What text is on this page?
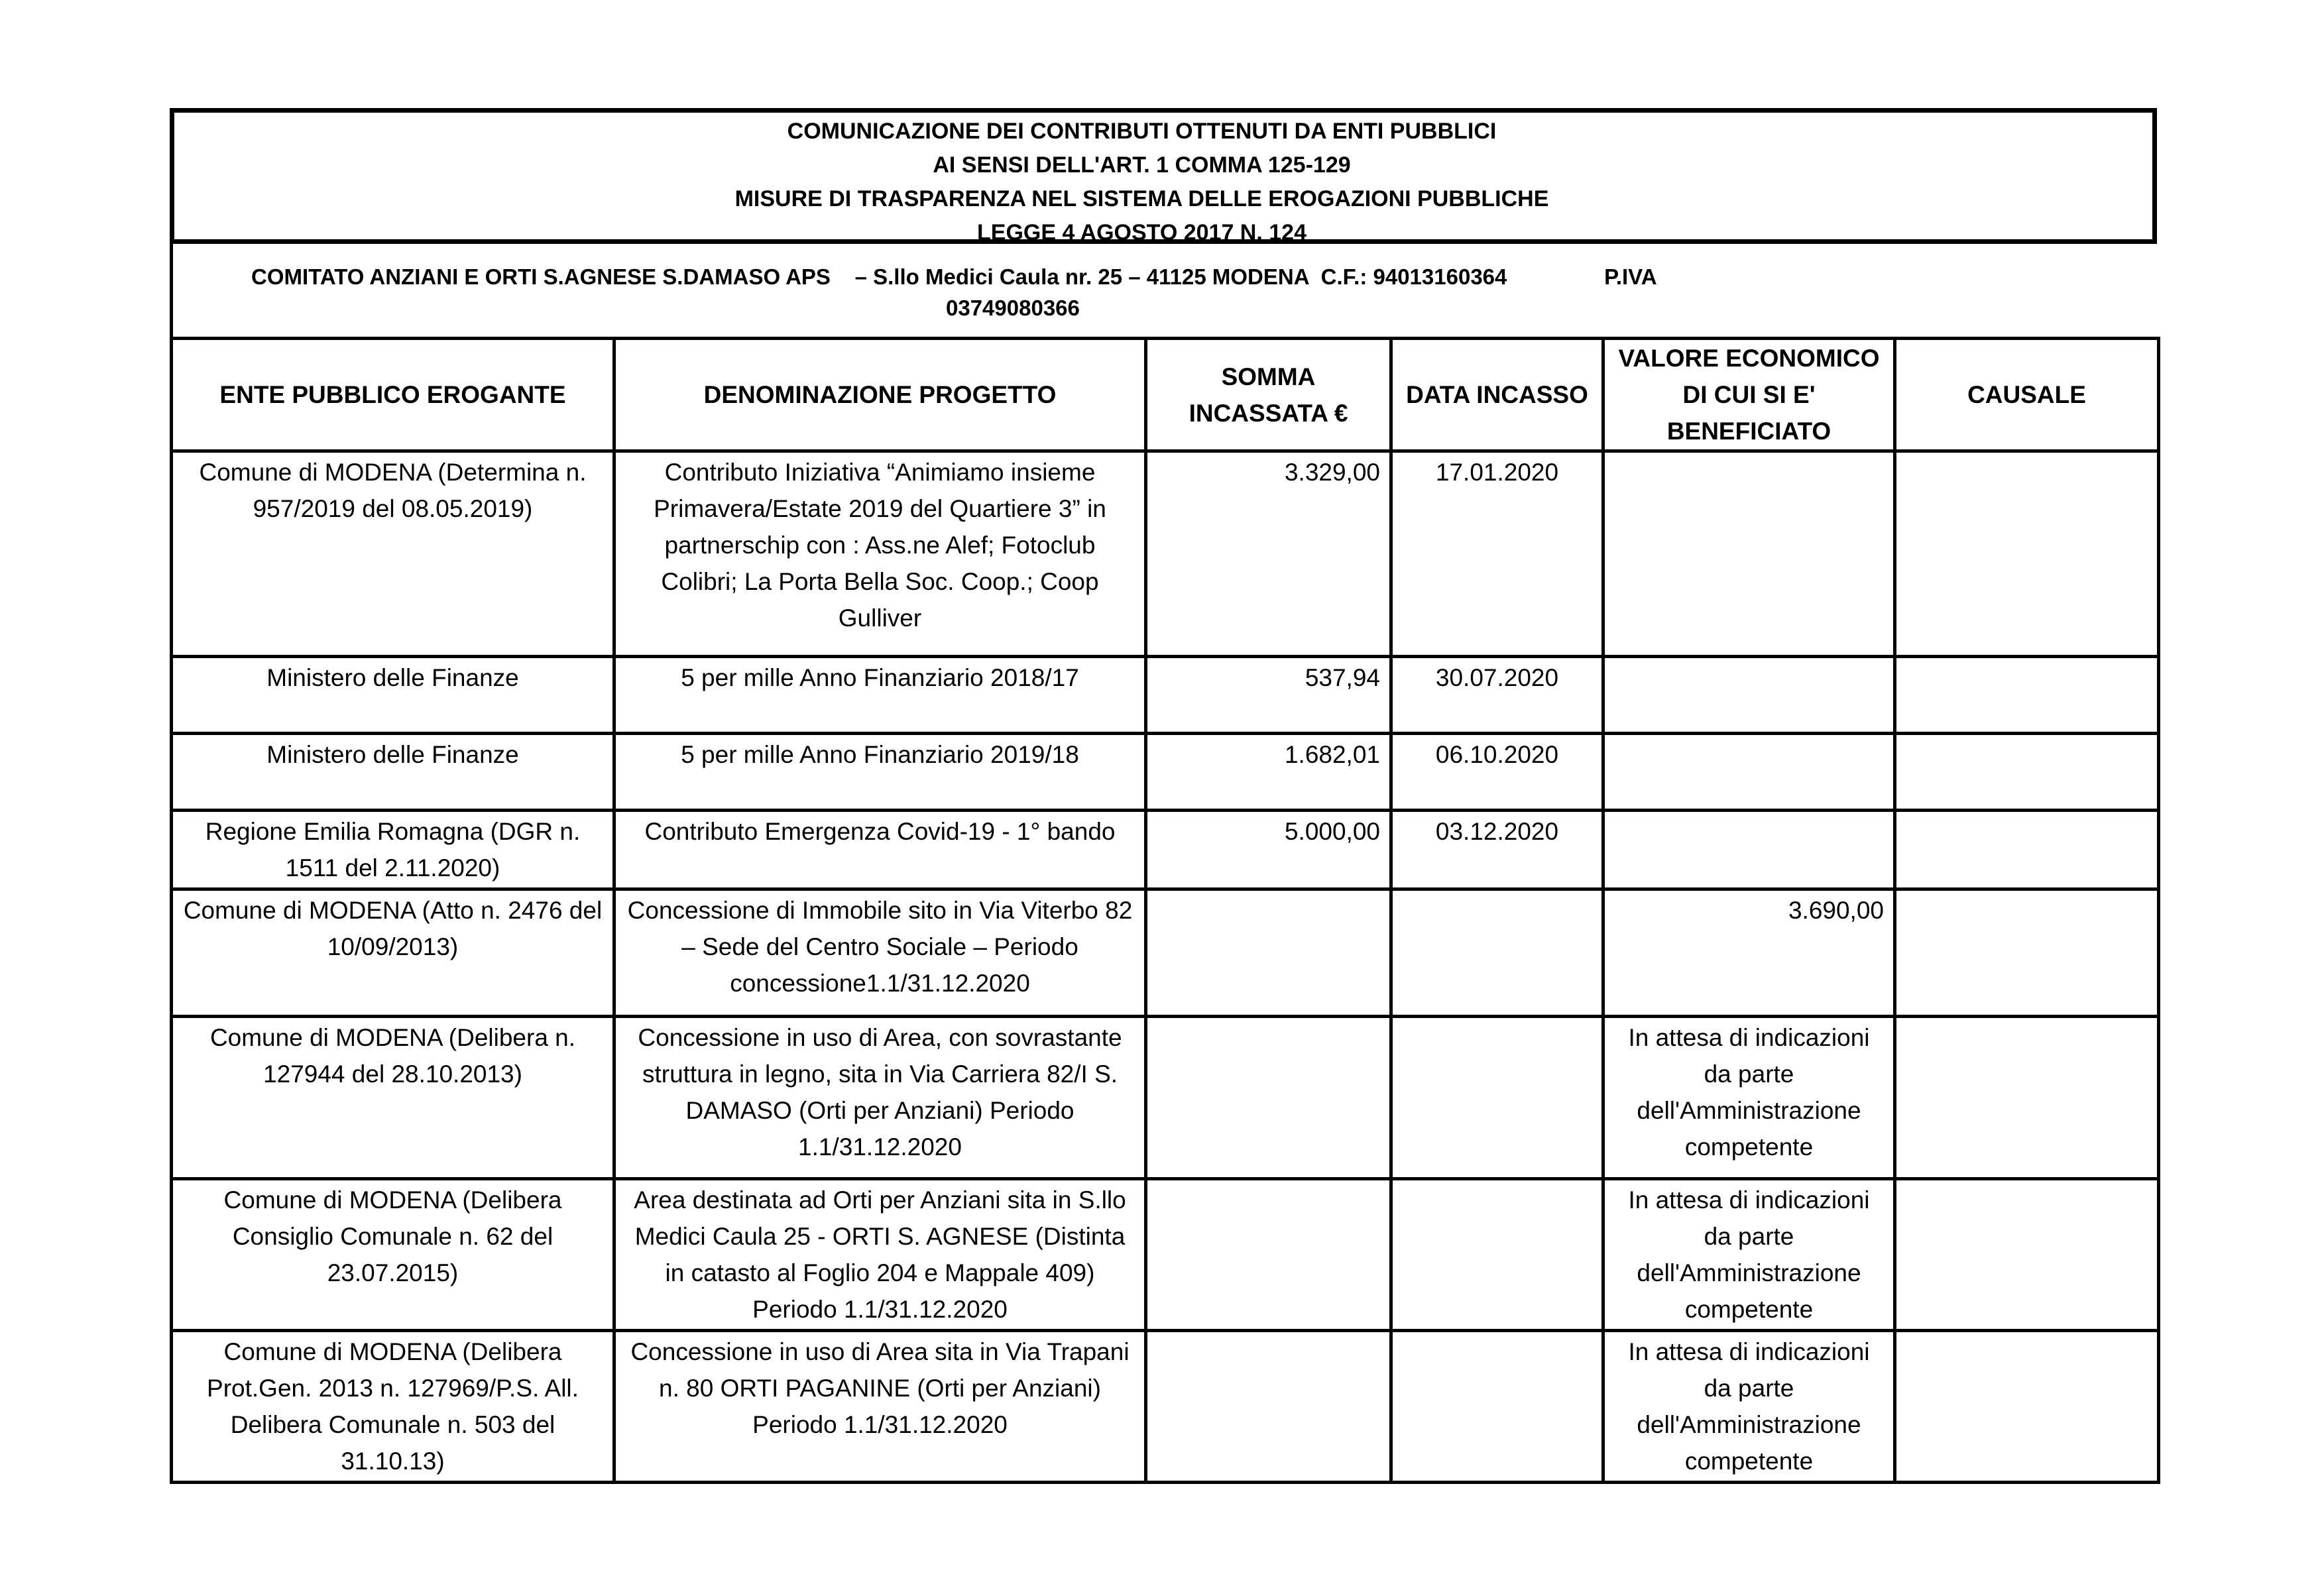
COMUNICAZIONE DEI CONTRIBUTI OTTENUTI DA ENTI PUBBLICI
AI SENSI DELL'ART. 1 COMMA 125-129
MISURE DI TRASPARENZA NEL SISTEMA DELLE EROGAZIONI PUBBLICHE
LEGGE 4 AGOSTO 2017 N. 124
COMITATO ANZIANI E ORTI S.AGNESE S.DAMASO APS    – S.llo Medici Caula nr. 25 – 41125 MODENA  C.F.: 94013160364                P.IVA
03749080366
ENTE PUBBLICO EROGANTE	DENOMINAZIONE PROGETTO	SOMMA INCASSATA €	DATA INCASSO	VALORE ECONOMICO DI CUI SI E' BENEFICIATO	CAUSALE
Comune di MODENA (Determina n. 957/2019 del 08.05.2019)	Contributo Iniziativa “Animiamo insieme Primavera/Estate 2019 del Quartiere 3” in partnerschip con : Ass.ne Alef; Fotoclub Colibri; La Porta Bella Soc. Coop.; Coop Gulliver	3.329,00	17.01.2020		
Ministero delle Finanze	5 per mille Anno Finanziario 2018/17	537,94	30.07.2020		
Ministero delle Finanze	5 per mille Anno Finanziario 2019/18	1.682,01	06.10.2020		
Regione Emilia Romagna (DGR n. 1511 del 2.11.2020)	Contributo Emergenza Covid-19 - 1° bando	5.000,00	03.12.2020		
Comune di MODENA (Atto n. 2476 del 10/09/2013)	Concessione di Immobile sito in Via Viterbo 82 – Sede del Centro Sociale – Periodo concessione1.1/31.12.2020			3.690,00	
Comune di MODENA (Delibera n. 127944 del 28.10.2013)	Concessione in uso di Area, con sovrastante struttura in legno, sita in Via Carriera 82/I S. DAMASO (Orti per Anziani) Periodo 1.1/31.12.2020			In attesa di indicazioni da parte dell'Amministrazione competente	
Comune di MODENA (Delibera Consiglio Comunale n. 62 del 23.07.2015)	Area destinata ad Orti per Anziani sita in S.llo Medici Caula 25 - ORTI S. AGNESE (Distinta in catasto al Foglio 204 e Mappale 409) Periodo 1.1/31.12.2020			In attesa di indicazioni da parte dell'Amministrazione competente	
Comune di MODENA (Delibera Prot.Gen. 2013 n. 127969/P.S. All. Delibera Comunale n. 503 del 31.10.13)	Concessione in uso di Area sita in Via Trapani n. 80 ORTI PAGANINE (Orti per Anziani) Periodo 1.1/31.12.2020			In attesa di indicazioni da parte dell'Amministrazione competente	
